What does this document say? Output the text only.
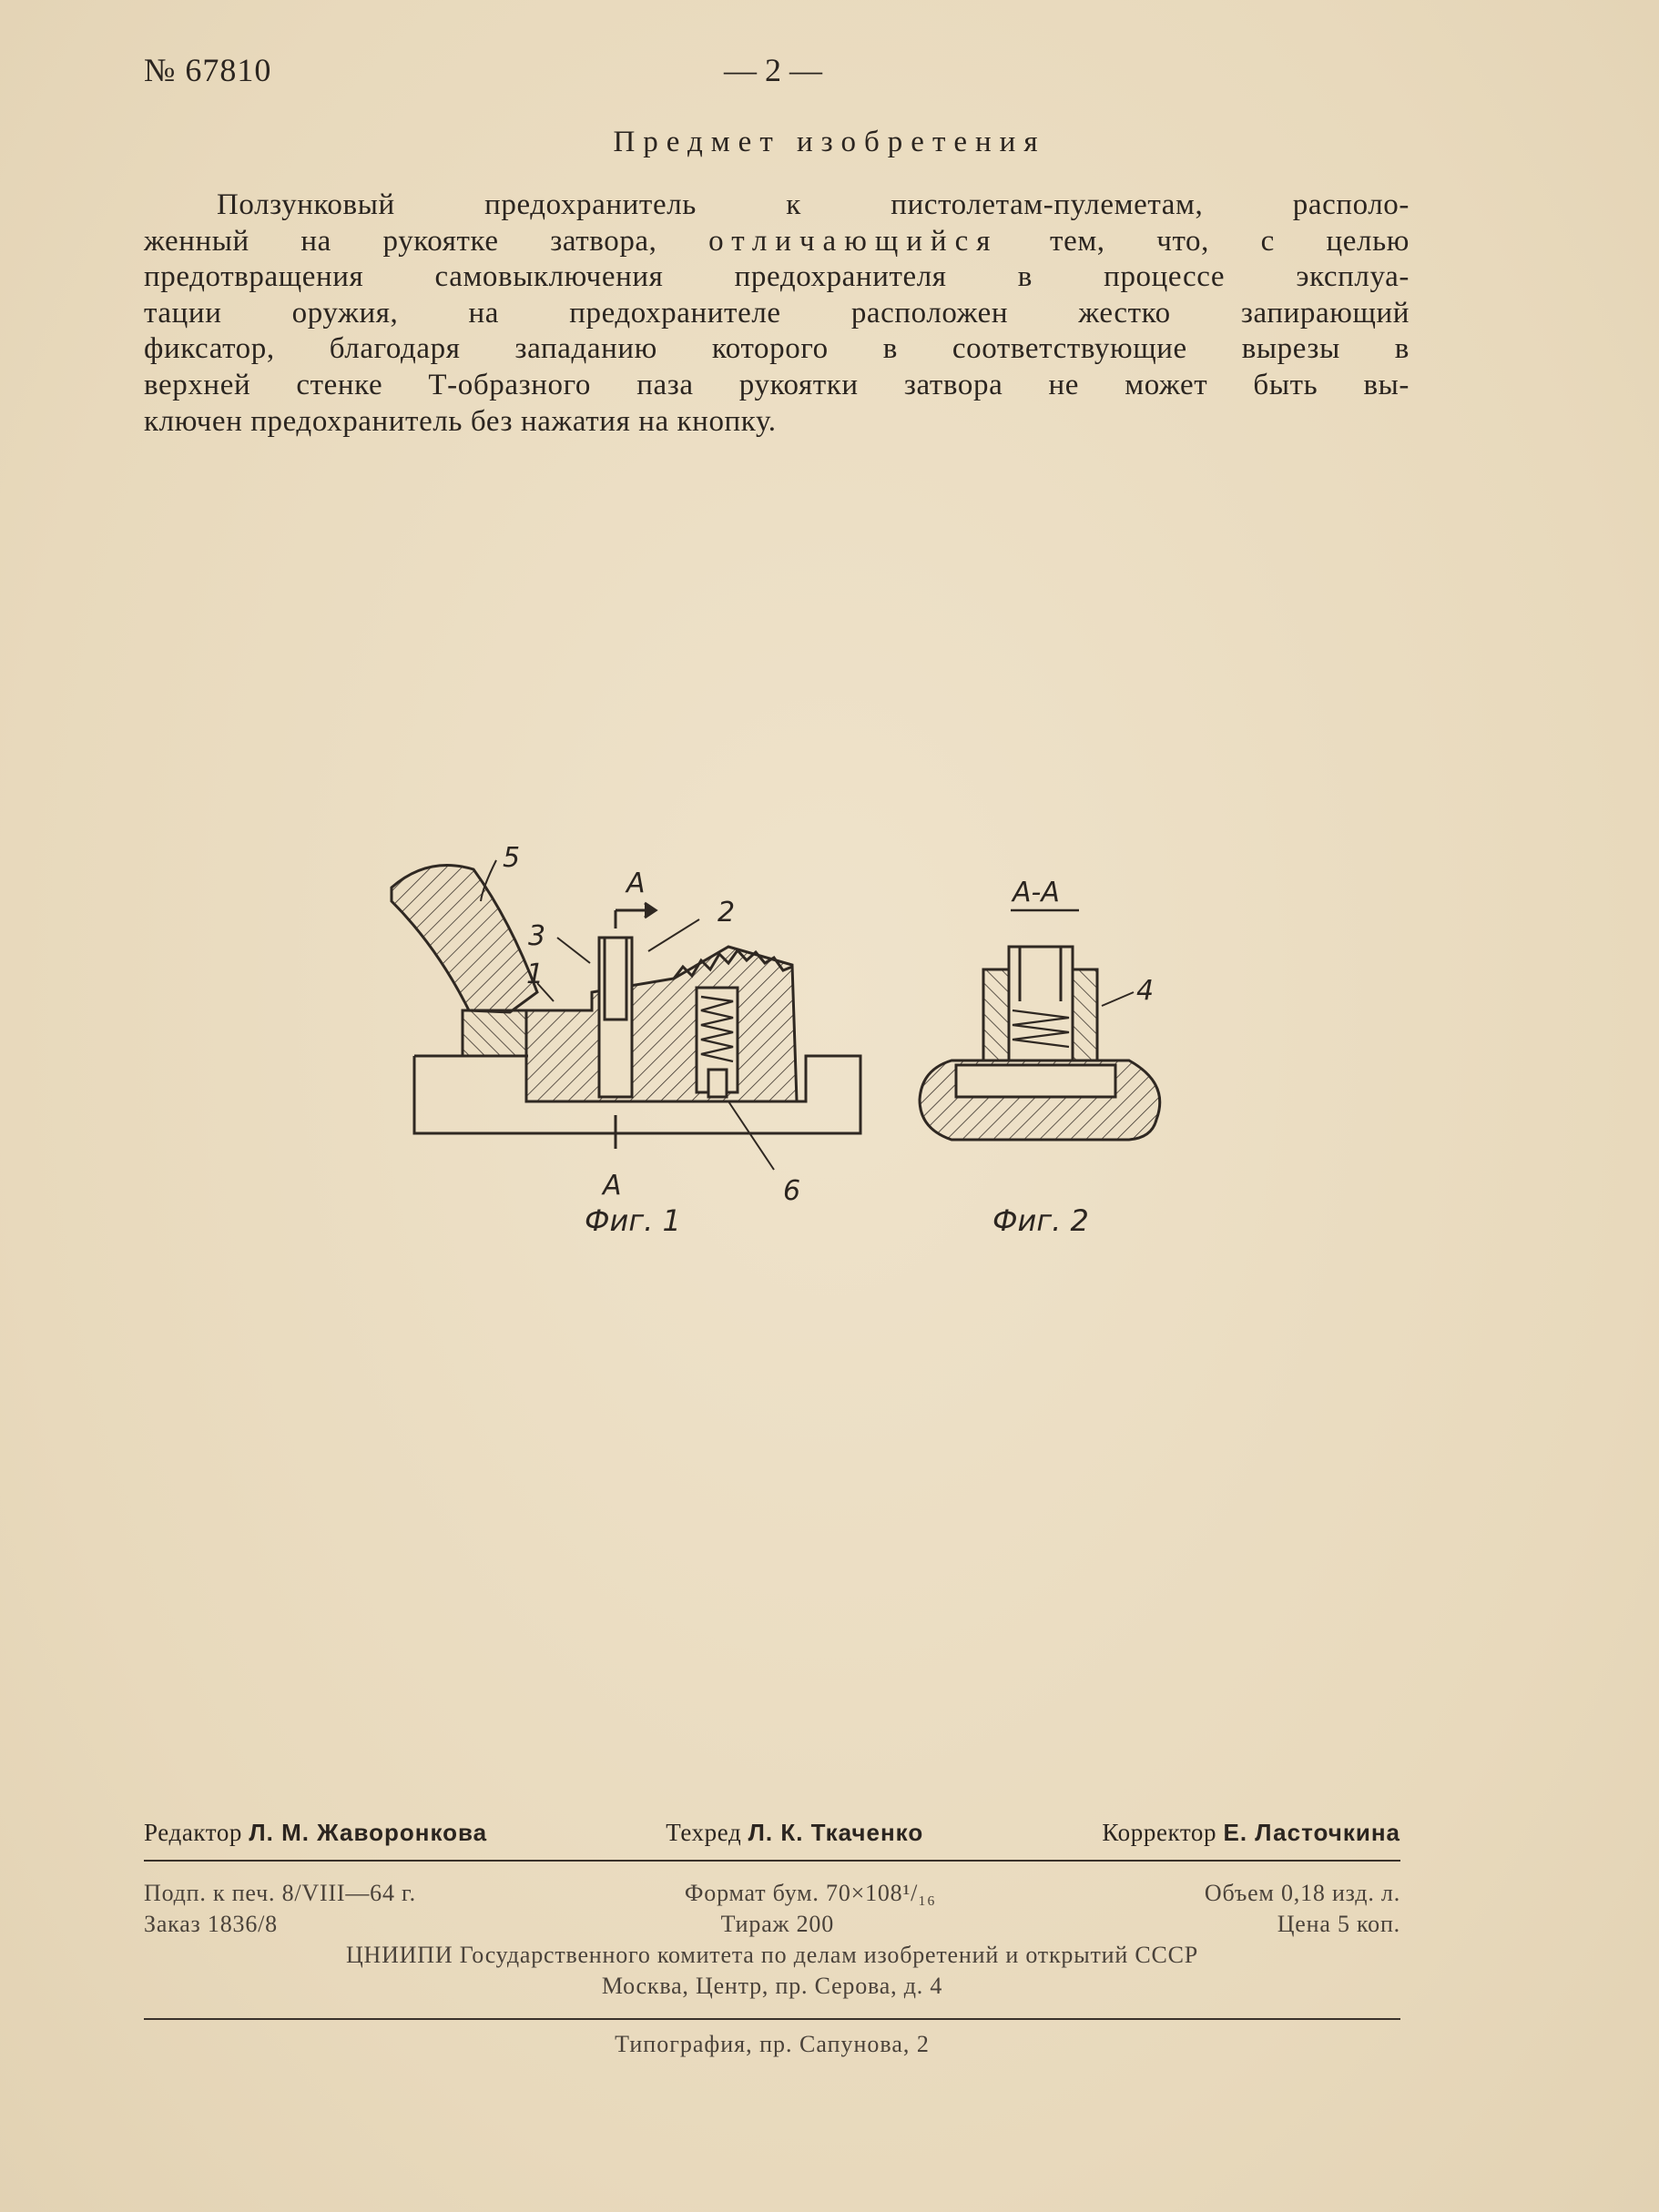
№ 67810	— 2 —
Предмет изобретения
Ползунковый предохранитель к пистолетам-пулеметам, располо-
женный на рукоятке затвора, отличающийся тем, что, с целью
предотвращения самовыключения предохранителя в процессе эксплуа-
тации оружия, на предохранителе расположен жестко запирающий
фиксатор, благодаря западанию которого в соответствующие вырезы в
верхней стенке Т-образного паза рукоятки затвора не может быть вы-
ключен предохранитель без нажатия на кнопку.
5
А
2
3
1
А	6
Фиг. 1
А-А
4
Фиг. 2
Редактор Л. М. Жаворонкова	Техред Л. К. Ткаченко	Корректор Е. Ласточкина
Подп. к печ. 8/VIII—64 г.	Формат бум. 70×108¹/₁₆	Объем 0,18 изд. л.
Заказ 1836/8	Тираж 200	Цена 5 коп.
ЦНИИПИ Государственного комитета по делам изобретений и открытий СССР
Москва, Центр, пр. Серова, д. 4
Типография, пр. Сапунова, 2
